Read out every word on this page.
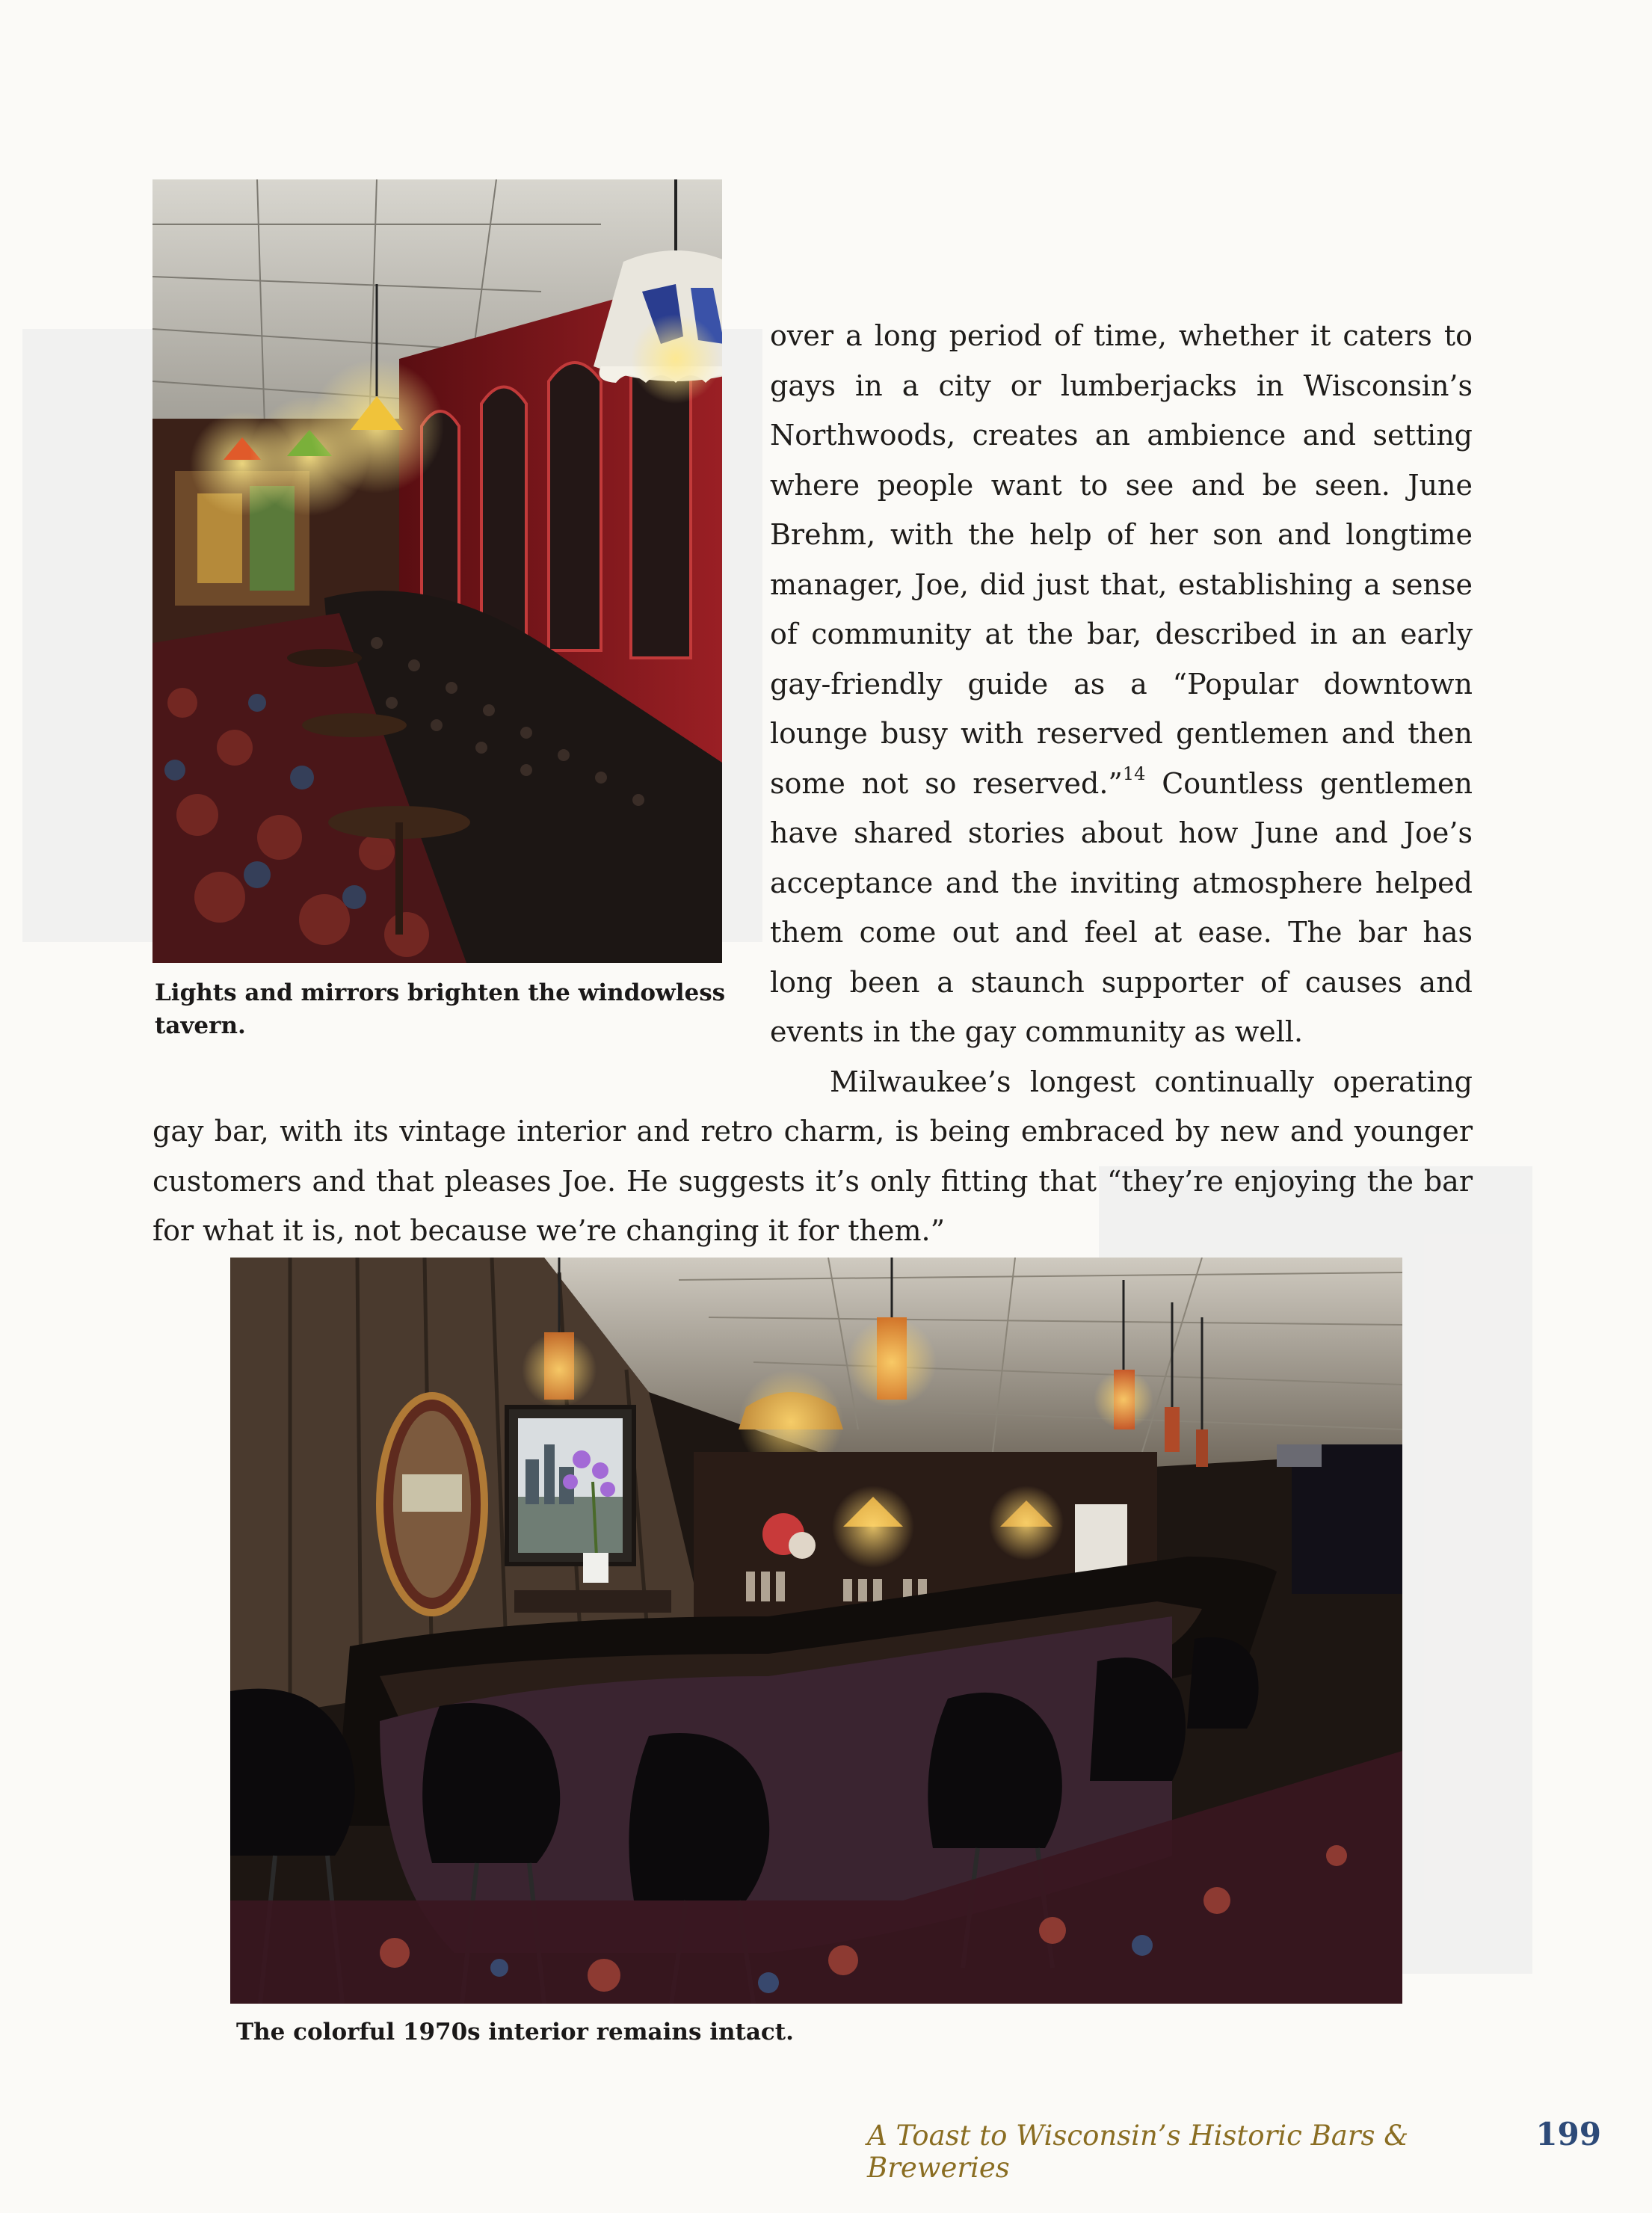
Lights and mirrors brighten the windowless tavern.

over a long period of time, whether it caters to gays in a city or lumberjacks in Wisconsin’s Northwoods, creates an ambience and setting where people want to see and be seen. June Brehm, with the help of her son and longtime manager, Joe, did just that, establishing a sense of community at the bar, described in an early gay-friendly guide as a “Popular downtown lounge busy with reserved gentlemen and then some not so reserved.”$^{14}$ Countless gentlemen have shared stories about how June and Joe’s acceptance and the inviting atmosphere helped them come out and feel at ease. The bar has long been a staunch supporter of causes and events in the gay community as well.

Milwaukee’s longest continually operating gay bar, with its vintage interior and retro charm, is being embraced by new and younger customers and that pleases Joe. He suggests it’s only fitting that “they’re enjoying the bar for what it is, not because we’re changing it for them.”

The colorful 1970s interior remains intact.
A Toast to Wisconsin’s Historic Bars & Breweries
199
